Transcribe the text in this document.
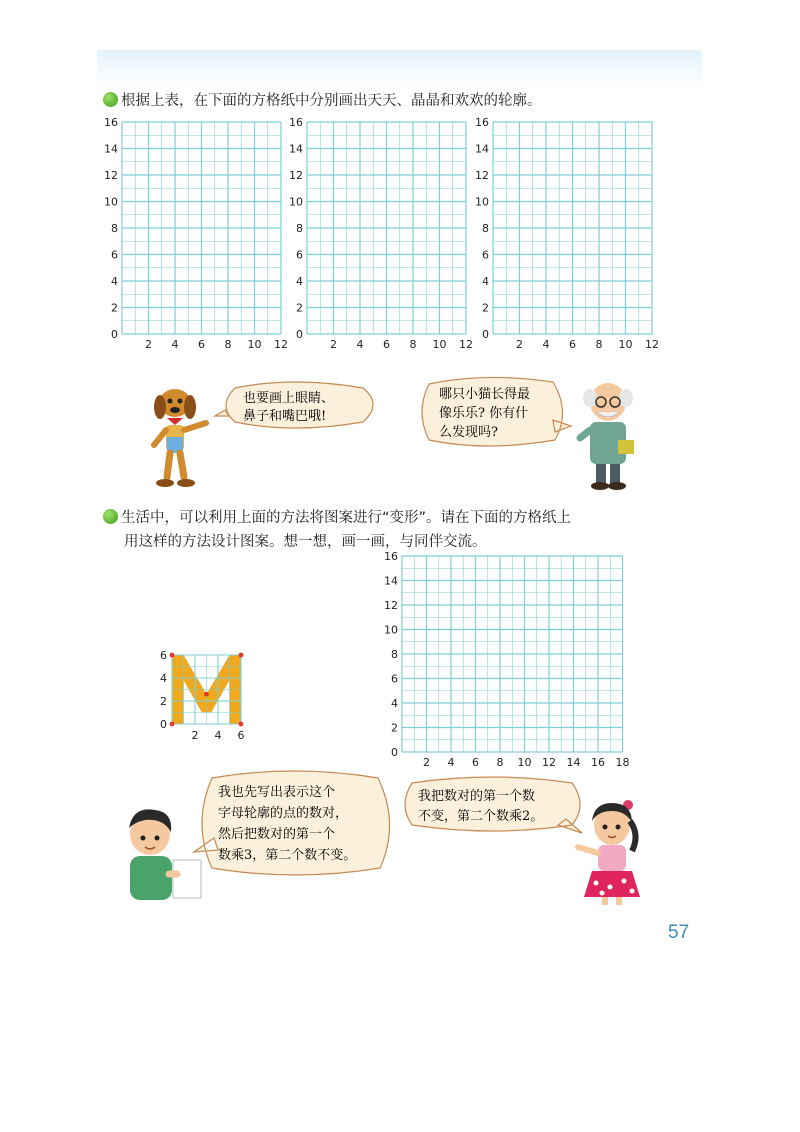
根据上表，在下面的方格纸中分别画出天天、晶晶和欢欢的轮廓。
16
14
12
10
8
6
4
2
0
2 4 6 8 10 12
16
14
12
10
8
6
4
2
0
2 4 6 8 10 12
16
14
12
10
8
6
4
2
0
2 4 6 8 10 12
也要画上眼睛、
鼻子和嘴巴哦!
哪只小猫长得最
像乐乐? 你有什
么发现吗?
生活中，可以利用上面的方法将图案进行“变形”。请在下面的方格纸上
用这样的方法设计图案。想一想，画一画，与同伴交流。
6
4
2
0
2 4 6
16
14
12
10
8
6
4
2
0
2 4 6 8 10 12 14 16 18
我也先写出表示这个
字母轮廓的点的数对，
然后把数对的第一个
数乘3，第二个数不变。
我把数对的第一个数
不变，第二个数乘2。
57
